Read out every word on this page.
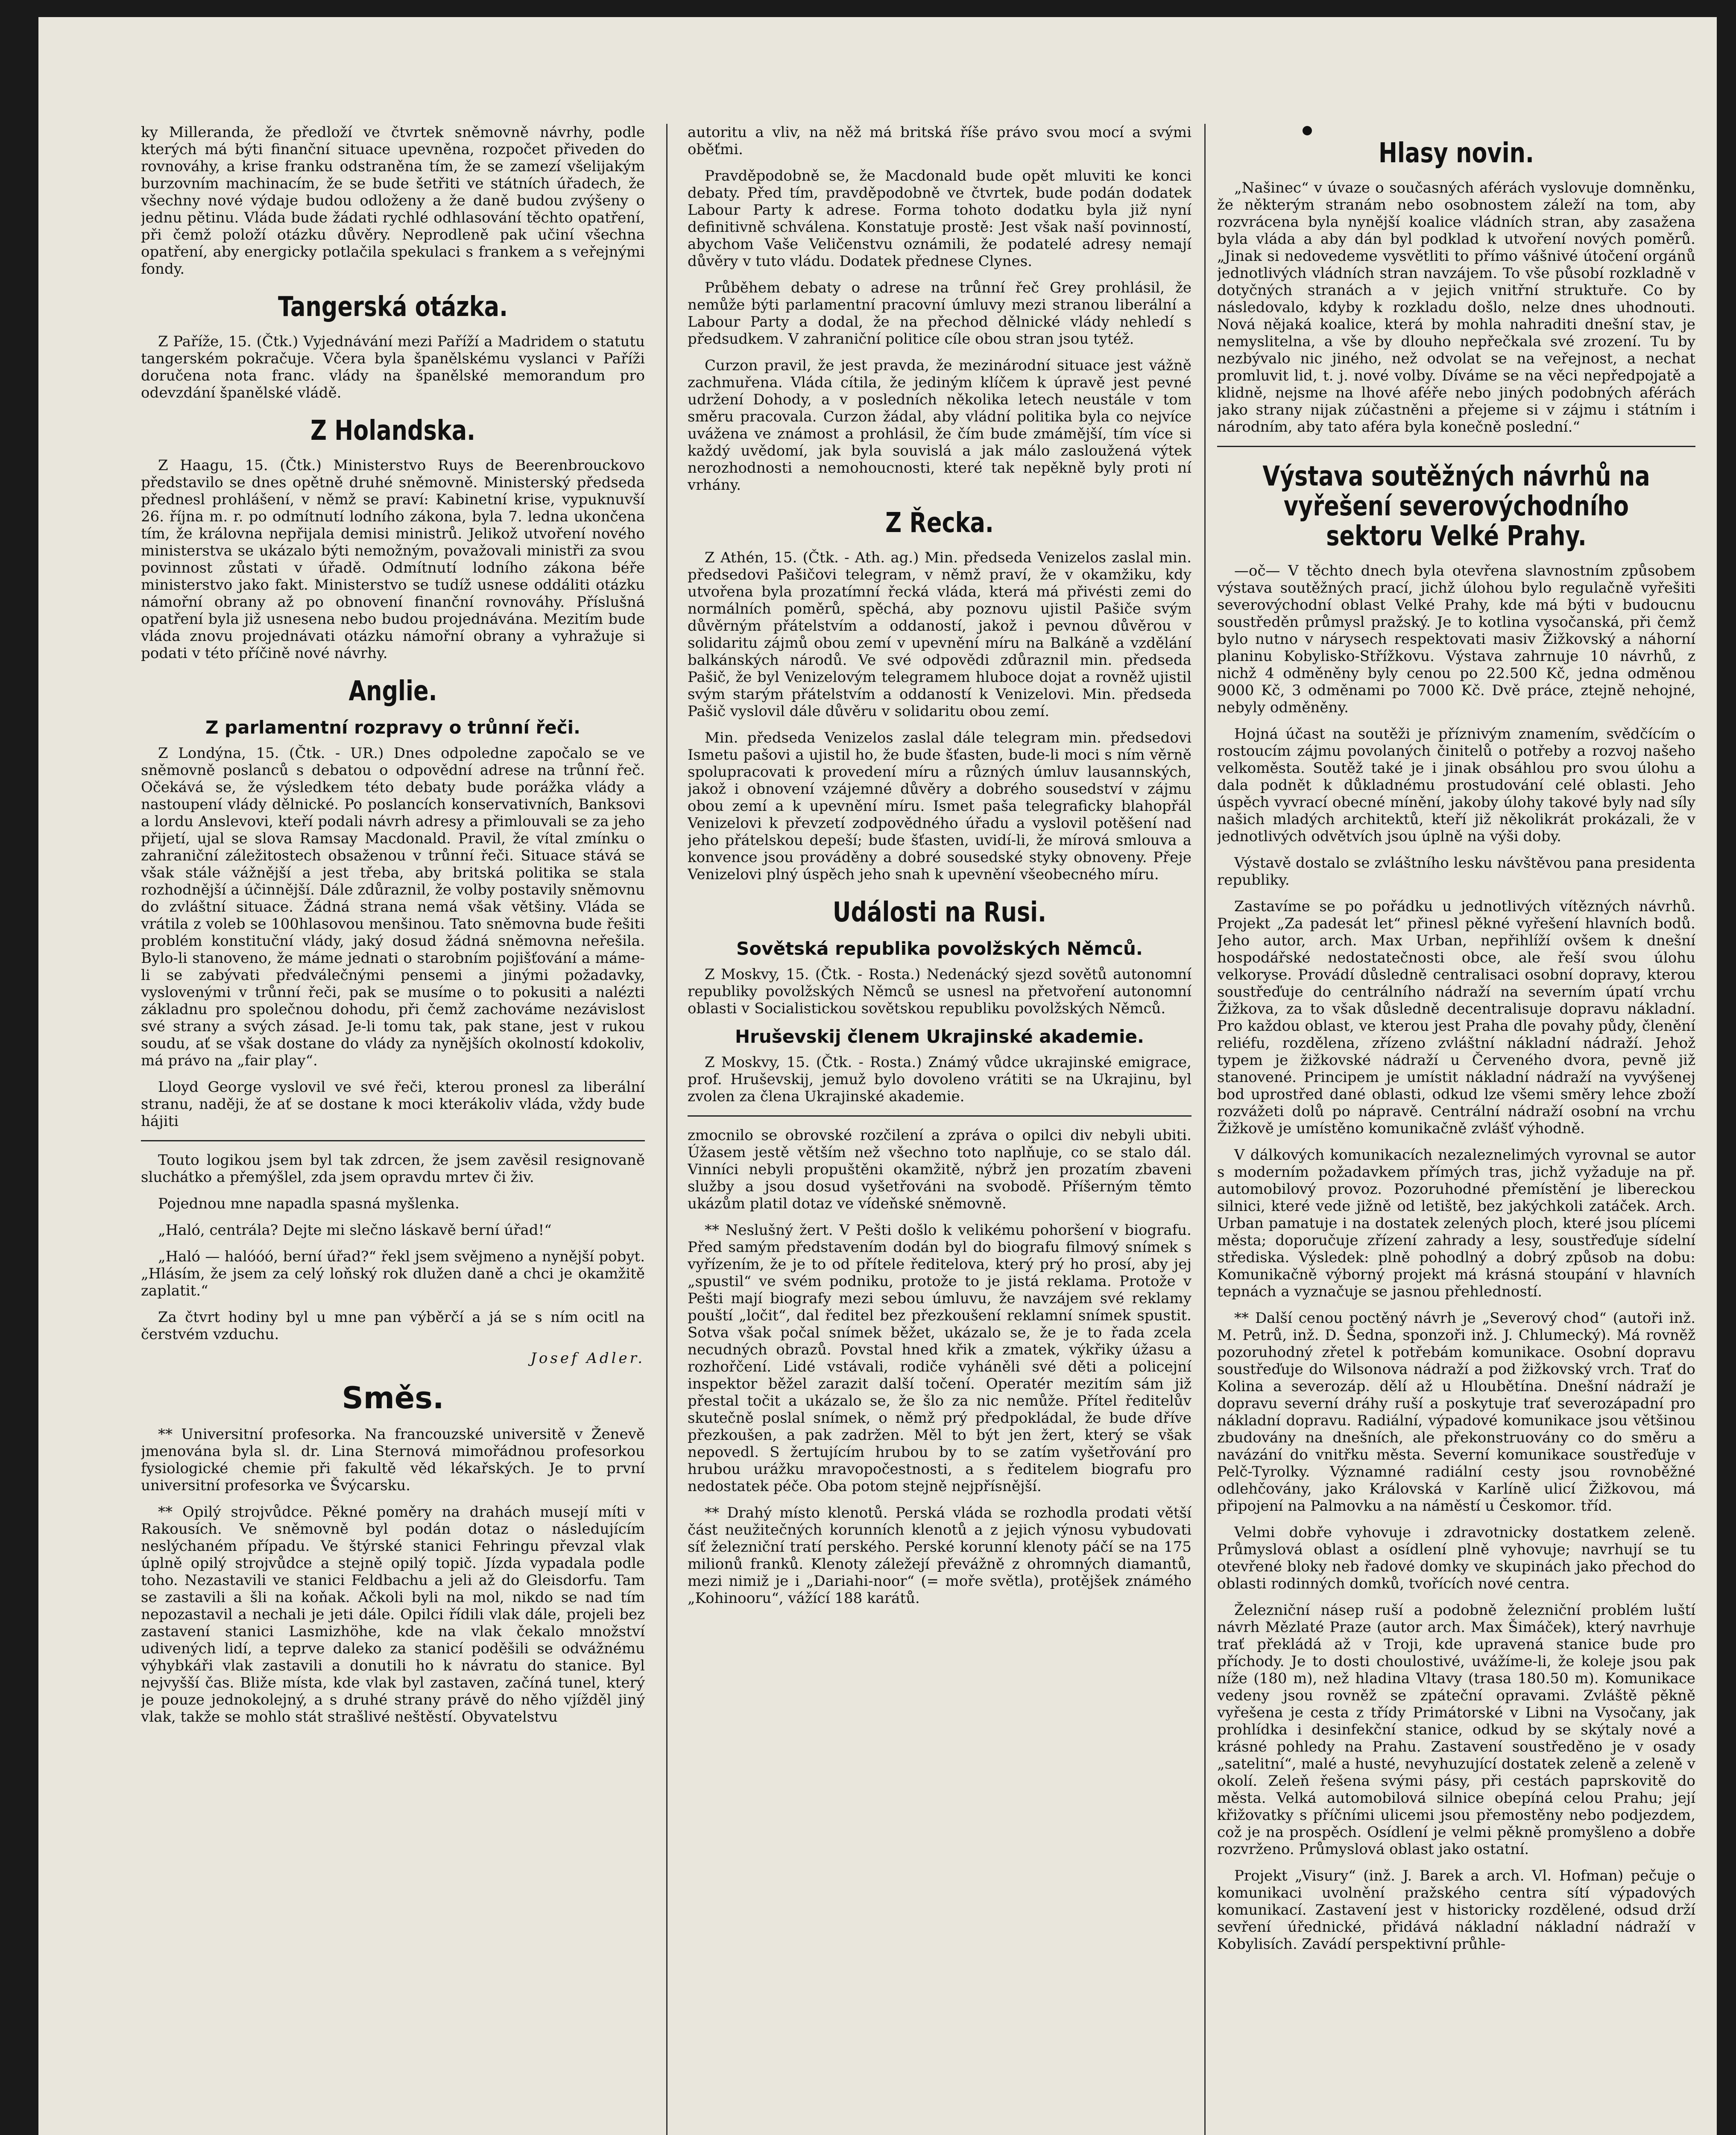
ky Milleranda, že předloží ve čtvrtek sněmovně návrhy, podle kterých má býti finanční situace upevněna, rozpočet přiveden do rovnováhy, a krise franku odstraněna tím, že se zamezí všelijakým burzovním machinacím, že se bude šetřiti ve státních úřadech, že všechny nové výdaje budou odloženy a že daně budou zvýšeny o jednu pětinu. Vláda bude žádati rychlé odhlasování těchto opatření, při čemž položí otázku důvěry. Neprodleně pak učiní všechna opatření, aby energicky potlačila spekulaci s frankem a s veřejnými fondy.

Tangerská otázka.

Z Paříže, 15. (Čtk.) Vyjednávání mezi Paříží a Madridem o statutu tangerském pokračuje. Včera byla španělskému vyslanci v Paříži doručena nota franc. vlády na španělské memorandum pro odevzdání španělské vládě.

Z Holandska.

Z Haagu, 15. (Čtk.) Ministerstvo Ruys de Beerenbrouckovo představilo se dnes opětně druhé sněmovně. Ministerský předseda přednesl prohlášení, v němž se praví: Kabinetní krise, vypuknuvší 26. října m. r. po odmítnutí lodního zákona, byla 7. ledna ukončena tím, že královna nepřijala demisi ministrů. Jelikož utvoření nového ministerstva se ukázalo býti nemožným, považovali ministři za svou povinnost zůstati v úřadě. Odmítnutí lodního zákona béře ministerstvo jako fakt. Ministerstvo se tudíž usnese oddáliti otázku námořní obrany až po obnovení finanční rovnováhy. Příslušná opatření byla již usnesena nebo budou projednávána. Mezitím bude vláda znovu projednávati otázku námořní obrany a vyhražuje si podati v této příčině nové návrhy.

Anglie.
Z parlamentní rozpravy o trůnní řeči.

Z Londýna, 15. (Čtk. - UR.) Dnes odpoledne započalo se ve sněmovně poslanců s debatou o odpovědní adrese na trůnní řeč. Očekává se, že výsledkem této debaty bude porážka vlády a nastoupení vlády dělnické. Po poslancích konservativních, Banksovi a lordu Anslevovi, kteří podali návrh adresy a přimlouvali se za jeho přijetí, ujal se slova Ramsay Macdonald. Pravil, že vítal zmínku o zahraniční záležitostech obsaženou v trůnní řeči. Situace stává se však stále vážnější a jest třeba, aby britská politika se stala rozhodnější a účinnější. Dále zdůraznil, že volby postavily sněmovnu do zvláštní situace. Žádná strana nemá však většiny. Vláda se vrátila z voleb se 100hlasovou menšinou. Tato sněmovna bude řešiti problém konstituční vlády, jaký dosud žádná sněmovna neřešila. Bylo-li stanoveno, že máme jednati o starobním pojišťování a máme-li se zabývati předválečnými pensemi a jinými požadavky, vyslovenými v trůnní řeči, pak se musíme o to pokusiti a nalézti základnu pro společnou dohodu, při čemž zachováme nezávislost své strany a svých zásad. Je-li tomu tak, pak stane, jest v rukou soudu, ať se však dostane do vlády za nynějších okolností kdokoliv, má právo na „fair play“.

Lloyd George vyslovil ve své řeči, kterou pronesl za liberální stranu, naději, že ať se dostane k moci kterákoliv vláda, vždy bude hájiti

Touto logikou jsem byl tak zdrcen, že jsem zavěsil resignovaně sluchátko a přemýšlel, zda jsem opravdu mrtev či živ.

Pojednou mne napadla spasná myšlenka.

„Haló, centrála? Dejte mi slečno láskavě berní úřad!“

„Haló — halóóó, berní úřad?“ řekl jsem svějmeno a nynější pobyt. „Hlásím, že jsem za celý loňský rok dlužen daně a chci je okamžitě zaplatit.“

Za čtvrt hodiny byl u mne pan výběrčí a já se s ním ocitl na čerstvém vzduchu.

Josef Adler.
Směs.

** Universitní profesorka. Na francouzské universitě v Ženevě jmenována byla sl. dr. Lina Sternová mimořádnou profesorkou fysiologické chemie při fakultě věd lékařských. Je to první universitní profesorka ve Švýcarsku.

** Opilý strojvůdce. Pěkné poměry na drahách musejí míti v Rakousích. Ve sněmovně byl podán dotaz o následujícím neslýchaném případu. Ve štýrské stanici Fehringu převzal vlak úplně opilý strojvůdce a stejně opilý topič. Jízda vypadala podle toho. Nezastavili ve stanici Feldbachu a jeli až do Gleisdorfu. Tam se zastavili a šli na koňak. Ačkoli byli na mol, nikdo se nad tím nepozastavil a nechali je jeti dále. Opilci řídili vlak dále, projeli bez zastavení stanici Lasmizhöhe, kde na vlak čekalo množství udivených lidí, a teprve daleko za stanicí poděšili se odvážnému výhybkáři vlak zastavili a donutili ho k návratu do stanice. Byl nejvyšší čas. Bliže místa, kde vlak byl zastaven, začíná tunel, který je pouze jednokolejný, a s druhé strany právě do něho vjížděl jiný vlak, takže se mohlo stát strašlivé neštěstí. Obyvatelstvu

autoritu a vliv, na něž má britská říše právo svou mocí a svými oběťmi.

Pravděpodobně se, že Macdonald bude opět mluviti ke konci debaty. Před tím, pravděpodobně ve čtvrtek, bude podán dodatek Labour Party k adrese. Forma tohoto dodatku byla již nyní definitivně schválena. Konstatuje prostě: Jest však naší povinností, abychom Vaše Veličenstvu oznámili, že podatelé adresy nemají důvěry v tuto vládu. Dodatek přednese Clynes.

Průběhem debaty o adrese na trůnní řeč Grey prohlásil, že nemůže býti parlamentní pracovní úmluvy mezi stranou liberální a Labour Party a dodal, že na přechod dělnické vlády nehledí s předsudkem. V zahraniční politice cíle obou stran jsou tytéž.

Curzon pravil, že jest pravda, že mezinárodní situace jest vážně zachmuřena. Vláda cítila, že jediným klíčem k úpravě jest pevné udržení Dohody, a v posledních několika letech neustále v tom směru pracovala. Curzon žádal, aby vládní politika byla co nejvíce uvážena ve známost a prohlásil, že čím bude zmámější, tím více si každý uvědomí, jak byla souvislá a jak málo zasloužená výtek nerozhodnosti a nemohoucnosti, které tak nepěkně byly proti ní vrhány.

Z Řecka.

Z Athén, 15. (Čtk. - Ath. ag.) Min. předseda Venizelos zaslal min. předsedovi Pašičovi telegram, v němž praví, že v okamžiku, kdy utvořena byla prozatímní řecká vláda, která má přivésti zemi do normálních poměrů, spěchá, aby poznovu ujistil Pašiče svým důvěrným přátelstvím a oddaností, jakož i pevnou důvěrou v solidaritu zájmů obou zemí v upevnění míru na Balkáně a vzdělání balkánských národů. Ve své odpovědi zdůraznil min. předseda Pašič, že byl Venizelovým telegramem hluboce dojat a rovněž ujistil svým starým přátelstvím a oddaností k Venizelovi. Min. předseda Pašič vyslovil dále důvěru v solidaritu obou zemí.

Min. předseda Venizelos zaslal dále telegram min. předsedovi Ismetu pašovi a ujistil ho, že bude šťasten, bude-li moci s ním věrně spolupracovati k provedení míru a různých úmluv lausannských, jakož i obnovení vzájemné důvěry a dobrého sousedství v zájmu obou zemí a k upevnění míru. Ismet paša telegraficky blahopřál Venizelovi k převzetí zodpovědného úřadu a vyslovil potěšení nad jeho přátelskou depeší; bude šťasten, uvidí-li, že mírová smlouva a konvence jsou prováděny a dobré sousedské styky obnoveny. Přeje Venizelovi plný úspěch jeho snah k upevnění všeobecného míru.

Události na Rusi.
Sovětská republika povolžských Němců.

Z Moskvy, 15. (Čtk. - Rosta.) Nedenácký sjezd sovětů autonomní republiky povolžských Němců se usnesl na přetvoření autonomní oblasti v Socialistickou sovětskou republiku povolžských Němců.

Hruševskij členem Ukrajinské akademie.

Z Moskvy, 15. (Čtk. - Rosta.) Známý vůdce ukrajinské emigrace, prof. Hruševskij, jemuž bylo dovoleno vrátiti se na Ukrajinu, byl zvolen za člena Ukrajinské akademie.

zmocnilo se obrovské rozčilení a zpráva o opilci div nebyli ubiti. Úžasem jestě větším než všechno toto naplňuje, co se stalo dál. Vinníci nebyli propuštěni okamžitě, nýbrž jen prozatím zbaveni služby a jsou dosud vyšetřováni na svobodě. Příšerným těmto ukázům platil dotaz ve vídeňské sněmovně.

** Neslušný žert. V Pešti došlo k velikému pohoršení v biografu. Před samým představením dodán byl do biografu filmový snímek s vyřízením, že je to od přítele ředitelova, který prý ho prosí, aby jej „spustil“ ve svém podniku, protože to je jistá reklama. Protože v Pešti mají biografy mezi sebou úmluvu, že navzájem své reklamy pouští „ločit“, dal ředitel bez přezkoušení reklamní snímek spustit. Sotva však počal snímek běžet, ukázalo se, že je to řada zcela necudných obrazů. Povstal hned křik a zmatek, výkřiky úžasu a rozhořčení. Lidé vstávali, rodiče vyháněli své děti a policejní inspektor běžel zarazit další točení. Operatér mezitím sám již přestal točit a ukázalo se, že šlo za nic nemůže. Přítel ředitelův skutečně poslal snímek, o němž prý předpokládal, že bude dříve přezkoušen, a pak zadržen. Měl to být jen žert, který se však nepovedl. S žertujícím hrubou by to se zatím vyšetřování pro hrubou urážku mravopočestnosti, a s ředitelem biografu pro nedostatek péče. Oba potom stejně nejpřísnější.

** Drahý místo klenotů. Perská vláda se rozhodla prodati větší část neužitečných korunních klenotů a z jejich výnosu vybudovati síť železniční tratí perského. Perské korunní klenoty páčí se na 175 milionů franků. Klenoty záležejí převážně z ohromných diamantů, mezi nimiž je i „Dariahi-noor“ (= moře světla), protějšek známého „Kohinooru“, vážící 188 karátů.

Hlasy novin.

„Našinec“ v úvaze o současných aférách vyslovuje domněnku, že některým stranám nebo osobnostem záleží na tom, aby rozvrácena byla nynější koalice vládních stran, aby zasažena byla vláda a aby dán byl podklad k utvoření nových poměrů. „Jinak si nedovedeme vysvětliti to přímo vášnivé útočení orgánů jednotlivých vládních stran navzájem. To vše působí rozkladně v dotyčných stranách a v jejich vnitřní struktuře. Co by následovalo, kdyby k rozkladu došlo, nelze dnes uhodnouti. Nová nějaká koalice, která by mohla nahraditi dnešní stav, je nemyslitelna, a vše by dlouho nepřečkala své zrození. Tu by nezbývalo nic jiného, než odvolat se na veřejnost, a nechat promluvit lid, t. j. nové volby. Díváme se na věci nepředpojatě a klidně, nejsme na lhové aféře nebo jiných podobných aférách jako strany nijak zúčastněni a přejeme si v zájmu i státním i národním, aby tato aféra byla konečně poslední.“

Výstava soutěžných návrhů na vyřešení severovýchodního sektoru Velké Prahy.

—oč— V těchto dnech byla otevřena slavnostním způsobem výstava soutěžných prací, jichž úlohou bylo regulačně vyřešiti severovýchodní oblast Velké Prahy, kde má býti v budoucnu soustředěn průmysl pražský. Je to kotlina vysočanská, při čemž bylo nutno v nárysech respektovati masiv Žižkovský a náhorní planinu Kobylisko-Střížkovu. Výstava zahrnuje 10 návrhů, z nichž 4 odměněny byly cenou po 22.500 Kč, jedna odměnou 9000 Kč, 3 odměnami po 7000 Kč. Dvě práce, ztejně nehojné, nebyly odměněny.

Hojná účast na soutěži je příznivým znamením, svědčícím o rostoucím zájmu povolaných činitelů o potřeby a rozvoj našeho velkoměsta. Soutěž také je i jinak obsáhlou pro svou úlohu a dala podnět k důkladnému prostudování celé oblasti. Jeho úspěch vyvrací obecné mínění, jakoby úlohy takové byly nad síly našich mladých architektů, kteří již několikrát prokázali, že v jednotlivých odvětvích jsou úplně na výši doby.

Výstavě dostalo se zvláštního lesku návštěvou pana presidenta republiky.

Zastavíme se po pořádku u jednotlivých vítězných návrhů. Projekt „Za padesát let“ přinesl pěkné vyřešení hlavních bodů. Jeho autor, arch. Max Urban, nepřihlíží ovšem k dnešní hospodářské nedostatečnosti obce, ale řeší svou úlohu velkoryse. Provádí důsledně centralisaci osobní dopravy, kterou soustřeďuje do centrálního nádraží na severním úpatí vrchu Žižkova, za to však důsledně decentralisuje dopravu nákladní. Pro každou oblast, ve kterou jest Praha dle povahy půdy, členění reliéfu, rozdělena, zřízeno zvláštní nákladní nádraží. Jehož typem je žižkovské nádraží u Červeného dvora, pevně již stanovené. Principem je umístit nákladní nádraží na vyvýšenej bod uprostřed dané oblasti, odkud lze všemi směry lehce zboží rozvážeti dolů po nápravě. Centrální nádraží osobní na vrchu Žižkově je umístěno komunikačně zvlášť výhodně.

V dálkových komunikacích nezaleznelimých vyrovnal se autor s moderním požadavkem přímých tras, jichž vyžaduje na př. automobilový provoz. Pozoruhodné přemístění je libereckou silnici, které vede jižně od letiště, bez jakýchkoli zatáček. Arch. Urban pamatuje i na dostatek zelených ploch, které jsou plícemi města; doporučuje zřízení zahrady a lesy, soustřeďuje sídelní střediska. Výsledek: plně pohodlný a dobrý způsob na dobu: Komunikačně výborný projekt má krásná stoupání v hlavních tepnách a vyznačuje se jasnou přehledností.

** Další cenou poctěný návrh je „Severový chod“ (autoři inž. M. Petrů, inž. D. Šedna, sponzoři inž. J. Chlumecký). Má rovněž pozoruhodný zřetel k potřebám komunikace. Osobní dopravu soustřeďuje do Wilsonova nádraží a pod žižkovský vrch. Trať do Kolina a severozáp. dělí až u Hloubětína. Dnešní nádraží je dopravu severní dráhy ruší a poskytuje trať severozápadní pro nákladní dopravu. Radiální, výpadové komunikace jsou většinou zbudovány na dnešních, ale překonstruovány co do směru a navázání do vnitřku města. Severní komunikace soustřeďuje v Pelč-Tyrolky. Významné radiální cesty jsou rovnoběžné odlehčovány, jako Královská v Karlíně ulicí Žižkovou, má připojení na Palmovku a na náměstí u Českomor. tříd.

Velmi dobře vyhovuje i zdravotnicky dostatkem zeleně. Průmyslová oblast a osídlení plně vyhovuje; navrhují se tu otevřené bloky neb řadové domky ve skupinách jako přechod do oblasti rodinných domků, tvořících nové centra.

Železniční násep ruší a podobně železniční problém luští návrh Mězlaté Praze (autor arch. Max Šimáček), který navrhuje trať překládá až v Troji, kde upravená stanice bude pro příchody. Je to dosti choulostivé, uvážíme-li, že koleje jsou pak níže (180 m), než hladina Vltavy (trasa 180.50 m). Komunikace vedeny jsou rovněž se zpáteční opravami. Zvláště pěkně vyřešena je cesta z třídy Primátorské v Libni na Vysočany, jak prohlídka i desinfekční stanice, odkud by se skýtaly nové a krásné pohledy na Prahu. Zastavení soustředěno je v osady „satelitní“, malé a husté, nevyhuzující dostatek zeleně a zeleně v okolí. Zeleň řešena svými pásy, při cestách paprskovitě do města. Velká automobilová silnice obepíná celou Prahu; její křižovatky s příčními ulicemi jsou přemostěny nebo podjezdem, což je na prospěch. Osídlení je velmi pěkně promyšleno a dobře rozvrženo. Průmyslová oblast jako ostatní.

Projekt „Visury“ (inž. J. Barek a arch. Vl. Hofman) pečuje o komunikaci uvolnění pražského centra sítí výpadových komunikací. Zastavení jest v historicky rozdělené, odsud drží sevření úřednické, přidává nákladní nákladní nádraží v Kobylisích. Zavádí perspektivní průhle-
